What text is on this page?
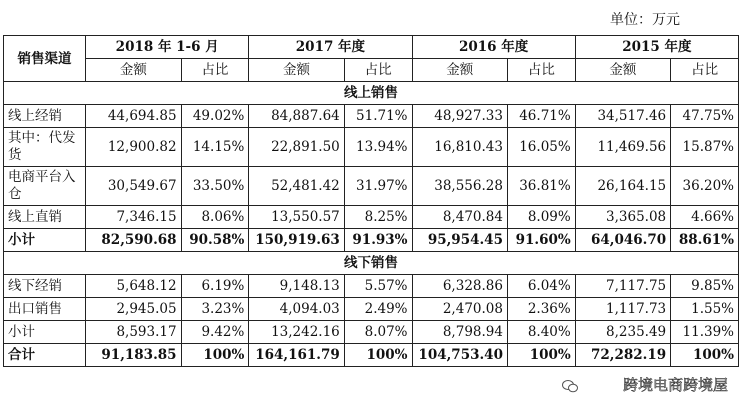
单位：万元
销售渠道	2018 年 1-6 月		2017 年度		2016 年度		2015 年度	
	金额	占比	金额	占比	金额	占比	金额	占比
线上销售								
线上经销	44,694.85	49.02%	84,887.64	51.71%	48,927.33	46.71%	34,517.46	47.75%
其中：代发货	12,900.82	14.15%	22,891.50	13.94%	16,810.43	16.05%	11,469.56	15.87%
电商平台入仓	30,549.67	33.50%	52,481.42	31.97%	38,556.28	36.81%	26,164.15	36.20%
线上直销	7,346.15	8.06%	13,550.57	8.25%	8,470.84	8.09%	3,365.08	4.66%
小计	82,590.68	90.58%	150,919.63	91.93%	95,954.45	91.60%	64,046.70	88.61%
线下销售								
线下经销	5,648.12	6.19%	9,148.13	5.57%	6,328.86	6.04%	7,117.75	9.85%
出口销售	2,945.05	3.23%	4,094.03	2.49%	2,470.08	2.36%	1,117.73	1.55%
小计	8,593.17	9.42%	13,242.16	8.07%	8,798.94	8.40%	8,235.49	11.39%
合计	91,183.85	100%	164,161.79	100%	104,753.40	100%	72,282.19	100%
跨境电商跨境屋
